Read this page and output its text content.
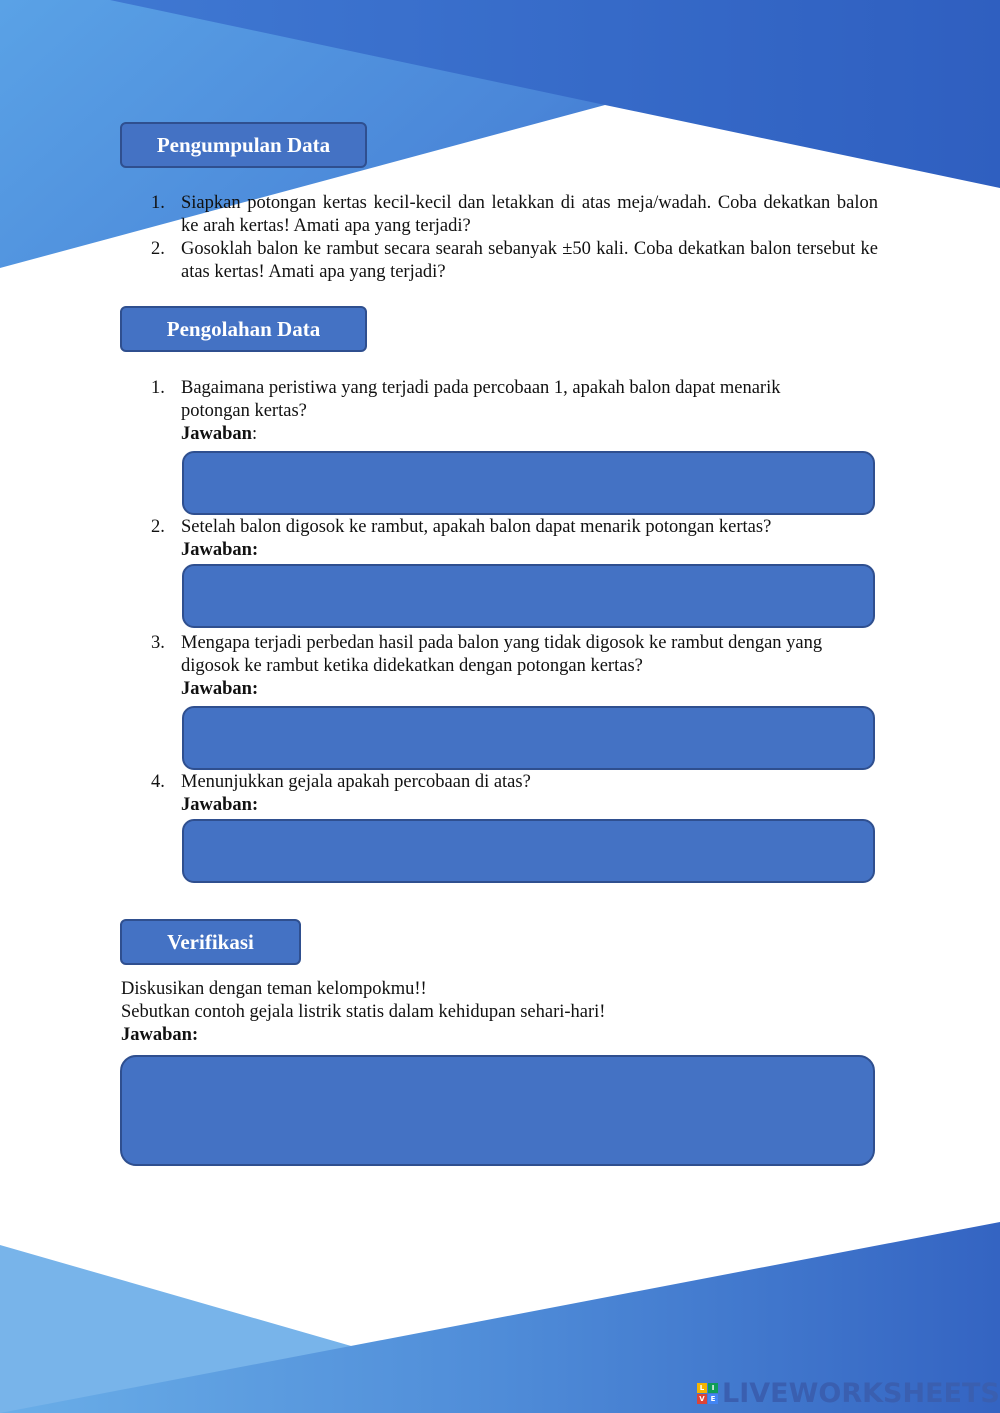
Pengumpulan Data
1. Siapkan potongan kertas kecil-kecil dan letakkan di atas meja/wadah. Coba dekatkan balon ke arah kertas! Amati apa yang terjadi?
2. Gosoklah balon ke rambut secara searah sebanyak ±50 kali. Coba dekatkan balon tersebut ke atas kertas! Amati apa yang terjadi?
Pengolahan Data
1. Bagaimana peristiwa yang terjadi pada percobaan 1, apakah balon dapat menarik potongan kertas?
Jawaban:
2. Setelah balon digosok ke rambut, apakah balon dapat menarik potongan kertas?
Jawaban:
3. Mengapa terjadi perbedan hasil pada balon yang tidak digosok ke rambut dengan yang digosok ke rambut ketika didekatkan dengan potongan kertas?
Jawaban:
4. Menunjukkan gejala apakah percobaan di atas?
Jawaban:
Verifikasi
Diskusikan dengan teman kelompokmu!!
Sebutkan contoh gejala listrik statis dalam kehidupan sehari-hari!
Jawaban:
L	I
V E LIVEWORKSHEETS
